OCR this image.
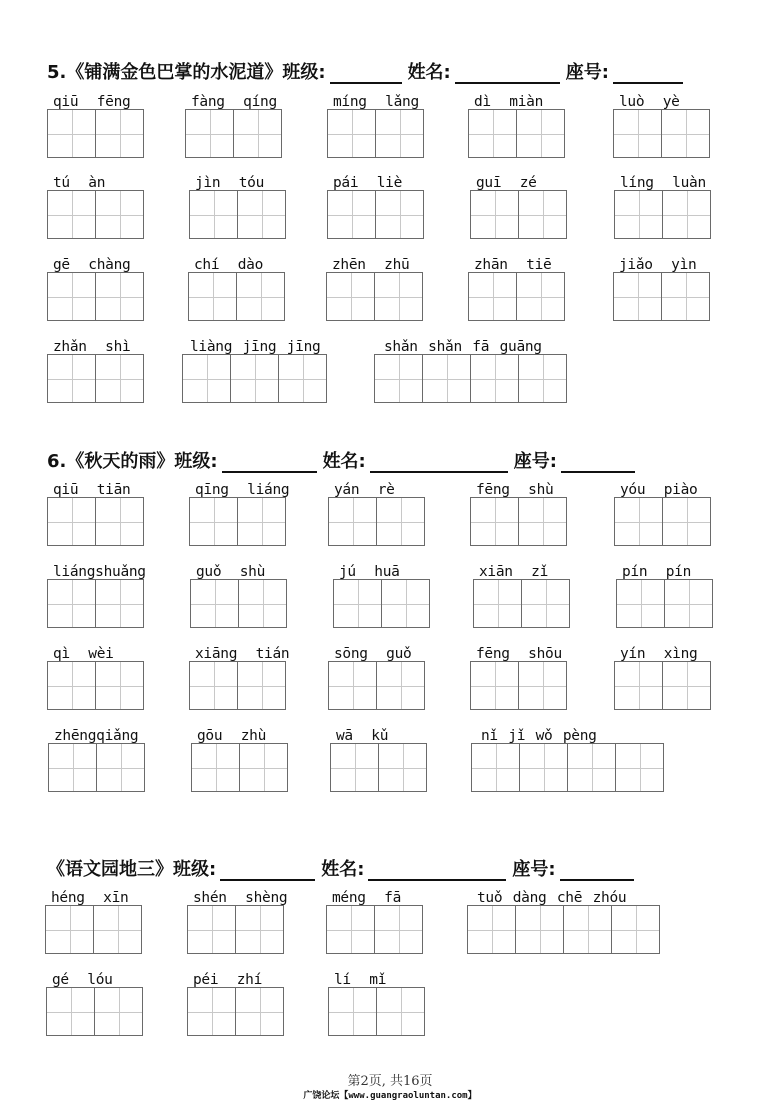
5.《铺满金色巴掌的水泥道》班级:	姓名:	座号:
6.《秋天的雨》班级:	姓名:	座号:
《语文园地三》班级:	姓名:	座号:
qiū fēng	fàng qíng	míng lǎng	dì miàn	luò yè
tú àn	jìn tóu	pái liè	guī zé	líng luàn
gē chàng	chí dào	zhēn zhū	zhān tiē	jiǎo yìn
zhǎn shì	liàng jīng jīng	shǎn shǎn fā guāng
qiū tiān	qīng liáng	yán rè	fēng shù	yóu piào
liángshuǎng	guǒ shù	jú huā	xiān zǐ	pín pín
qì wèi	xiāng tián	sōng guǒ	fēng shōu	yín xìng
zhēngqiǎng	gōu zhù	wā kǔ	nǐ jǐ wǒ pèng
héng xīn	shén shèng	méng fā	tuǒ dàng chē zhóu
gé lóu	péi zhí	lí mǐ
第2页, 共16页
广饶论坛【www.guangraoluntan.com】
